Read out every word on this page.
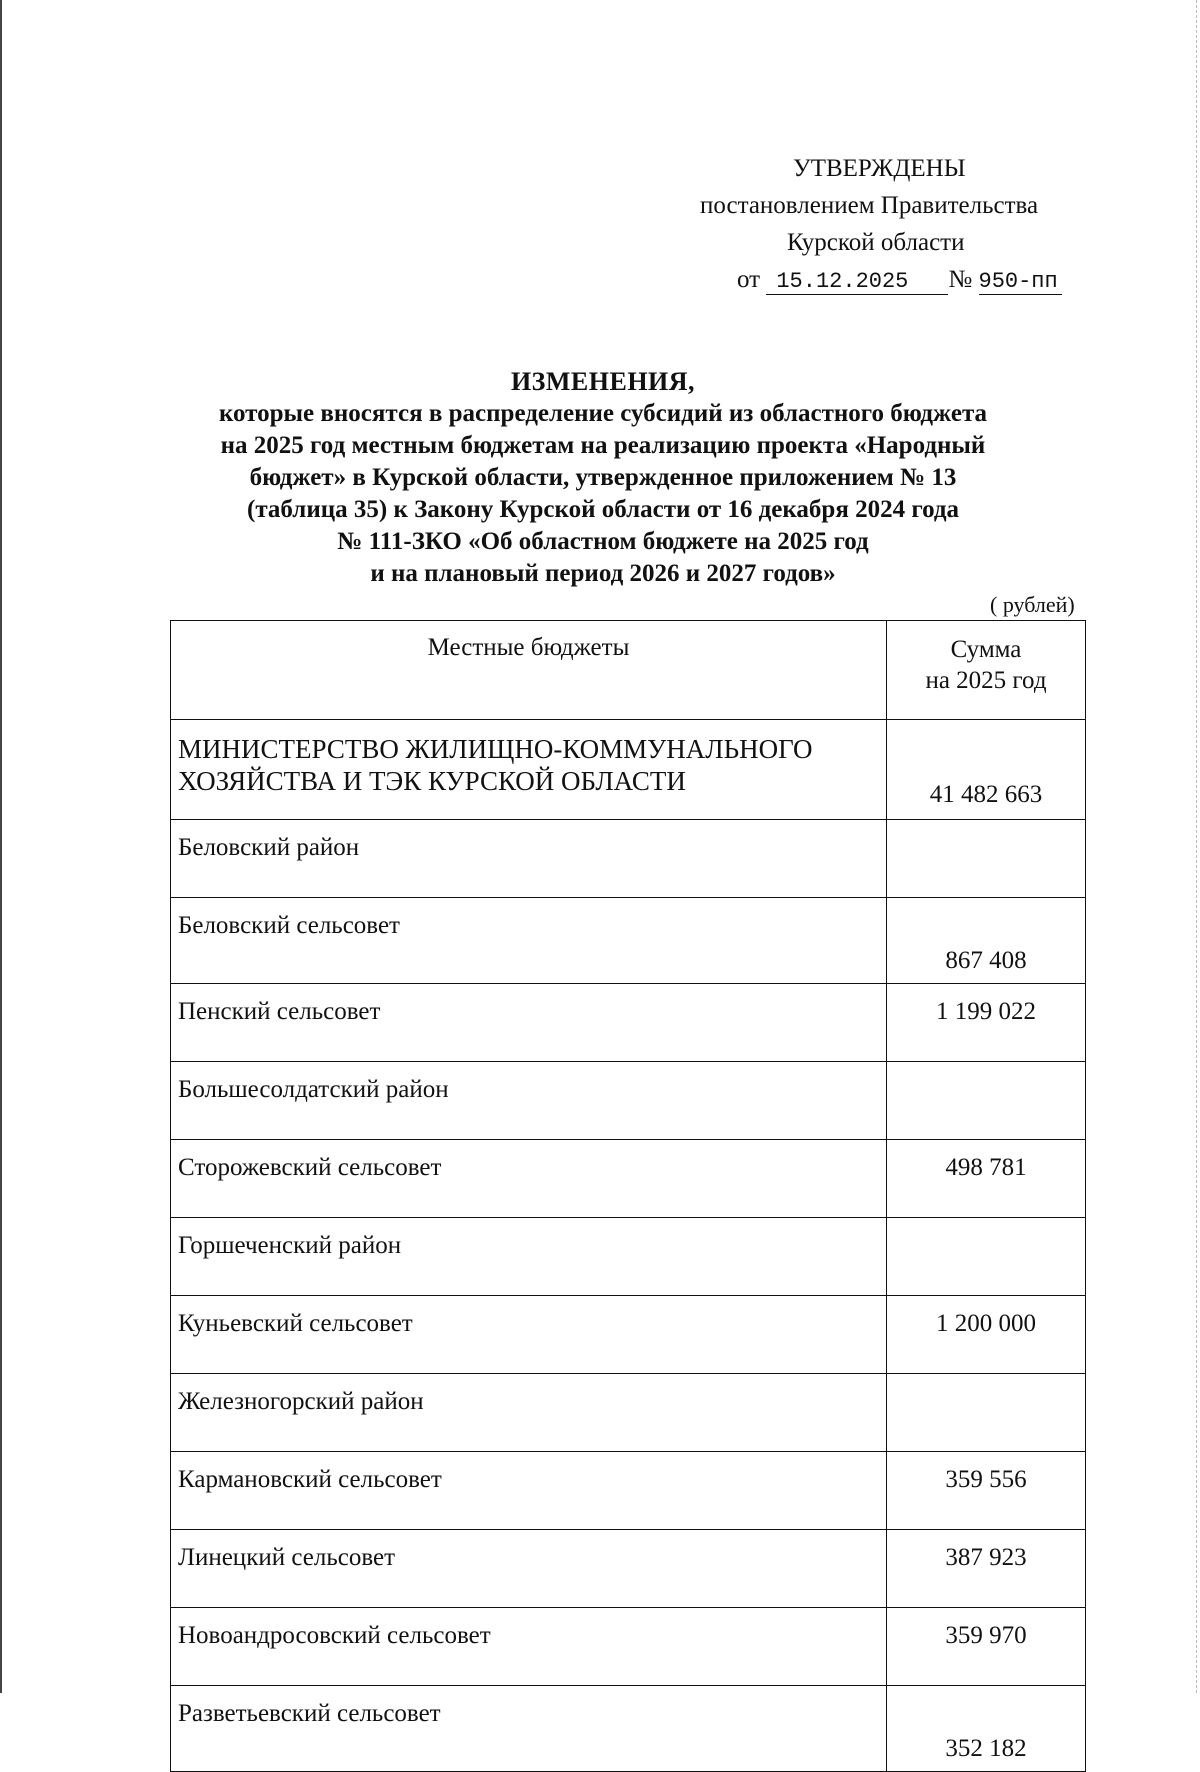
УТВЕРЖДЕНЫ
постановлением Правительства
Курской области
от 15.12.2025 № 950-пп
ИЗМЕНЕНИЯ,
которые вносятся в распределение субсидий из областного бюджета
на 2025 год местным бюджетам на реализацию проекта «Народный
бюджет» в Курской области, утвержденное приложением № 13
(таблица 35) к Закону Курской области от 16 декабря 2024 года
№ 111-ЗКО «Об областном бюджете на 2025 год
и на плановый период 2026 и 2027 годов»
( рублей)
Местные бюджеты	Сумма
на 2025 год

МИНИСТЕРСТВО ЖИЛИЩНО-КОММУНАЛЬНОГО
ХОЗЯЙСТВА И ТЭК КУРСКОЙ ОБЛАСТИ	41 482 663
Беловский район	
Беловский сельсовет	867 408
Пенский сельсовет	1 199 022
Большесолдатский район	
Сторожевский сельсовет	498 781
Горшеченский район	
Куньевский сельсовет	1 200 000
Железногорский район	
Кармановский сельсовет	359 556
Линецкий сельсовет	387 923
Новоандросовский сельсовет	359 970
Разветьевский сельсовет	352 182
